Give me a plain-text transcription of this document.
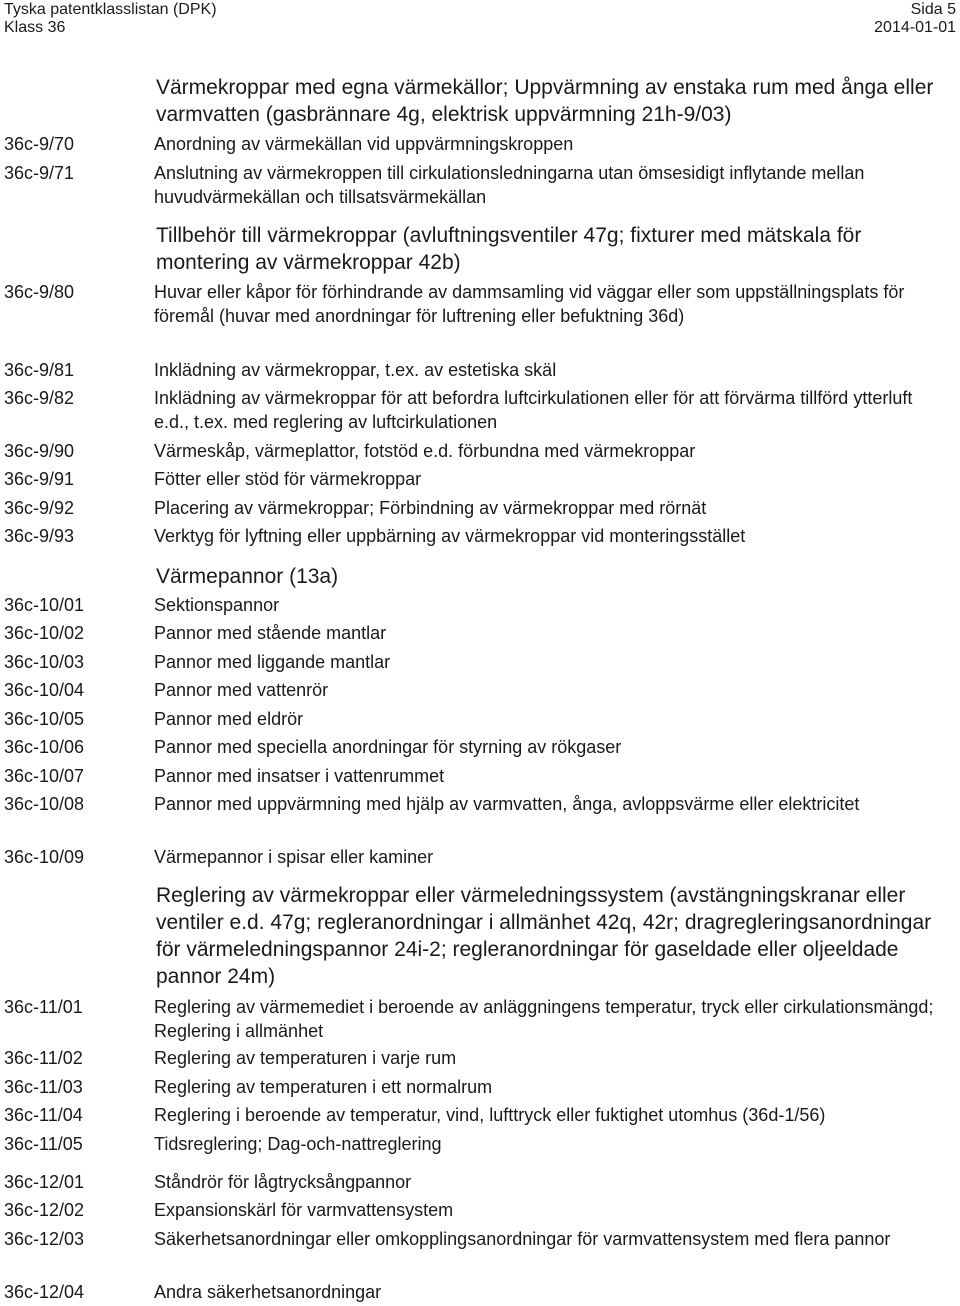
Tyska patentklasslistan (DPK)
Klass 36
Sida 5
2014-01-01
Värmekroppar med egna värmekällor; Uppvärmning av enstaka rum med ånga eller varmvatten (gasbrännare 4g, elektrisk uppvärmning 21h-9/03)
36c-9/70	Anordning av värmekällan vid uppvärmningskroppen
36c-9/71	Anslutning av värmekroppen till cirkulationsledningarna utan ömsesidigt inflytande mellan huvudvärmekällan och tillsatsvärmekällan
Tillbehör till värmekroppar (avluftningsventiler 47g; fixturer med mätskala för montering av värmekroppar 42b)
36c-9/80	Huvar eller kåpor för förhindrande av dammsamling vid väggar eller som uppställningsplats för föremål (huvar med anordningar för luftrening eller befuktning 36d)
36c-9/81	Inklädning av värmekroppar, t.ex. av estetiska skäl
36c-9/82	Inklädning av värmekroppar för att befordra luftcirkulationen eller för att förvärma tillförd ytterluft e.d., t.ex. med reglering av luftcirkulationen
36c-9/90	Värmeskåp, värmeplattor, fotstöd e.d. förbundna med värmekroppar
36c-9/91	Fötter eller stöd för värmekroppar
36c-9/92	Placering av värmekroppar; Förbindning av värmekroppar med rörnät
36c-9/93	Verktyg för lyftning eller uppbärning av värmekroppar vid monteringsstället
Värmepannor (13a)
36c-10/01	Sektionspannor
36c-10/02	Pannor med stående mantlar
36c-10/03	Pannor med liggande mantlar
36c-10/04	Pannor med vattenrör
36c-10/05	Pannor med eldrör
36c-10/06	Pannor med speciella anordningar för styrning av rökgaser
36c-10/07	Pannor med insatser i vattenrummet
36c-10/08	Pannor med uppvärmning med hjälp av varmvatten, ånga, avloppsvärme eller elektricitet
36c-10/09	Värmepannor i spisar eller kaminer
Reglering av värmekroppar eller värmeledningssystem (avstängningskranar eller ventiler e.d. 47g; regleranordningar i allmänhet 42q, 42r; dragregleringsanordningar för värmeledningspannor 24i-2; regleranordningar för gaseldade eller oljeeldade pannor 24m)
36c-11/01	Reglering av värmemediet i beroende av anläggningens temperatur, tryck eller cirkulationsmängd; Reglering i allmänhet
36c-11/02	Reglering av temperaturen i varje rum
36c-11/03	Reglering av temperaturen i ett normalrum
36c-11/04	Reglering i beroende av temperatur, vind, lufttryck eller fuktighet utomhus (36d-1/56)
36c-11/05	Tidsreglering; Dag-och-nattreglering
36c-12/01	Ståndrör för lågtrycksångpannor
36c-12/02	Expansionskärl för varmvattensystem
36c-12/03	Säkerhetsanordningar eller omkopplingsanordningar för varmvattensystem med flera pannor
36c-12/04	Andra säkerhetsanordningar
